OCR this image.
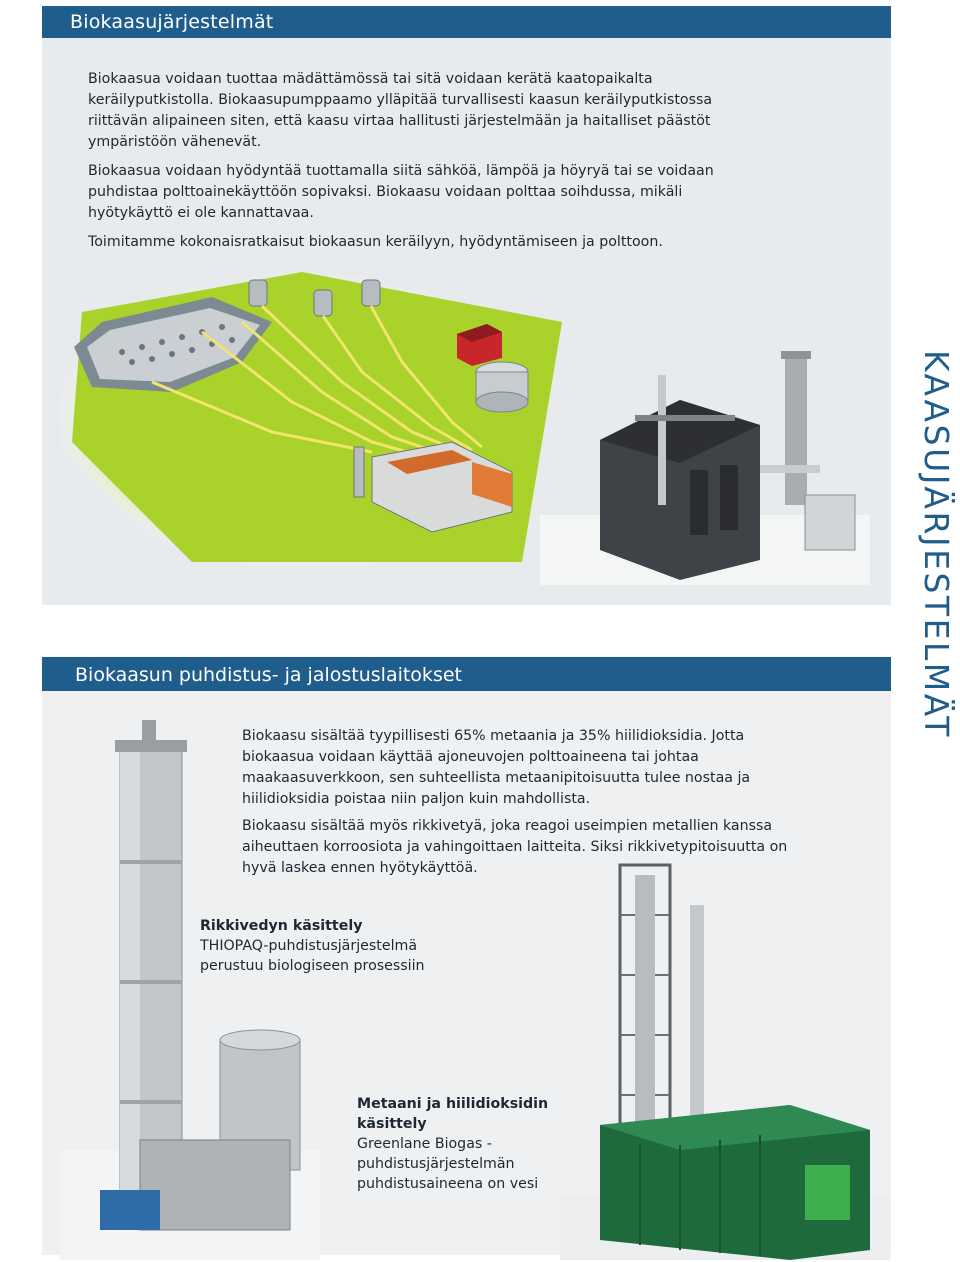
Biokaasujärjestelmät

Biokaasua voidaan tuottaa mädättämössä tai sitä voidaan kerätä kaatopaikalta keräilyputkistolla. Biokaasupumppaamo ylläpitää turvallisesti kaasun keräilyputkistossa riittävän alipaineen siten, että kaasu virtaa hallitusti järjestelmään ja haitalliset päästöt ympäristöön vähenevät.

Biokaasua voidaan hyödyntää tuottamalla siitä sähköä, lämpöä ja höyryä tai se voidaan puhdistaa polttoainekäyttöön sopivaksi. Biokaasu voidaan polttaa soihdussa, mikäli hyötykäyttö ei ole kannattavaa.

Toimitamme kokonaisratkaisut biokaasun keräilyyn, hyödyntämiseen ja polttoon.

KAASUJÄRJESTELMÄT
Biokaasun puhdistus- ja jalostuslaitokset

Biokaasu sisältää tyypillisesti 65% metaania ja 35% hiilidioksidia. Jotta biokaasua voidaan käyttää ajoneuvojen polttoaineena tai johtaa maakaasuverkkoon, sen suhteellista metaanipitoisuutta tulee nostaa ja hiilidioksidia poistaa niin paljon kuin mahdollista.

Biokaasu sisältää myös rikkivetyä, joka reagoi useimpien metallien kanssa aiheuttaen korroosiota ja vahingoittaen laitteita. Siksi rikkivetypitoisuutta on hyvä laskea ennen hyötykäyttöä.

Rikkivedyn käsittely
THIOPAQ-puhdistusjärjestelmä perustuu biologiseen prosessiin
Metaani ja hiilidioksidin käsittely
Greenlane Biogas -puhdistusjärjestelmän puhdistusaineena on vesi
